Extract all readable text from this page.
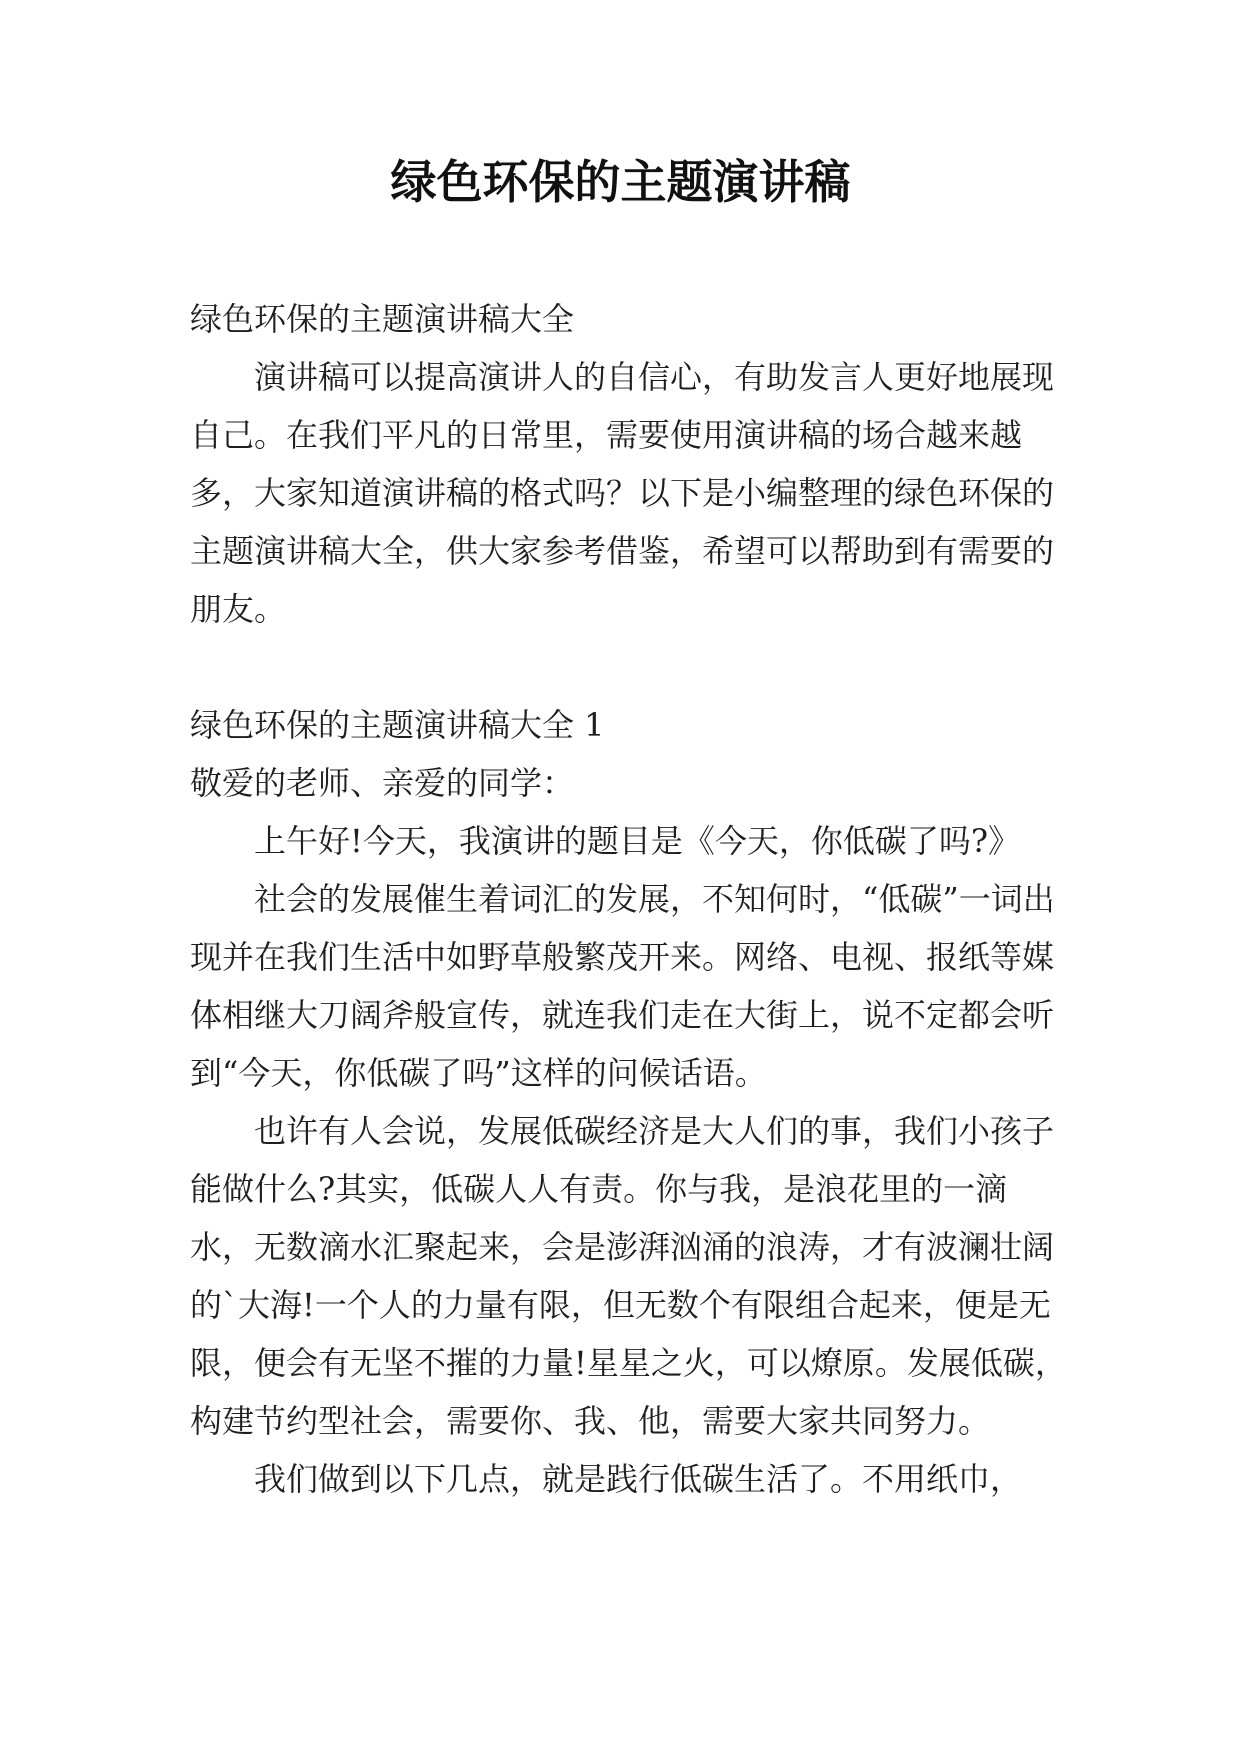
绿色环保的主题演讲稿

绿色环保的主题演讲稿大全

演讲稿可以提高演讲人的自信心，有助发言人更好地展现自己。在我们平凡的日常里，需要使用演讲稿的场合越来越多，大家知道演讲稿的格式吗？以下是小编整理的绿色环保的主题演讲稿大全，供大家参考借鉴，希望可以帮助到有需要的朋友。

绿色环保的主题演讲稿大全 1

敬爱的老师、亲爱的同学：

上午好!今天，我演讲的题目是《今天，你低碳了吗?》

社会的发展催生着词汇的发展，不知何时，“低碳”一词出现并在我们生活中如野草般繁茂开来。网络、电视、报纸等媒体相继大刀阔斧般宣传，就连我们走在大街上，说不定都会听到“今天，你低碳了吗”这样的问候话语。

也许有人会说，发展低碳经济是大人们的事，我们小孩子能做什么?其实，低碳人人有责。你与我，是浪花里的一滴水，无数滴水汇聚起来，会是澎湃汹涌的浪涛，才有波澜壮阔的`大海!一个人的力量有限，但无数个有限组合起来，便是无限，便会有无坚不摧的力量!星星之火，可以燎原。发展低碳，构建节约型社会，需要你、我、他，需要大家共同努力。

我们做到以下几点，就是践行低碳生活了。不用纸巾，
